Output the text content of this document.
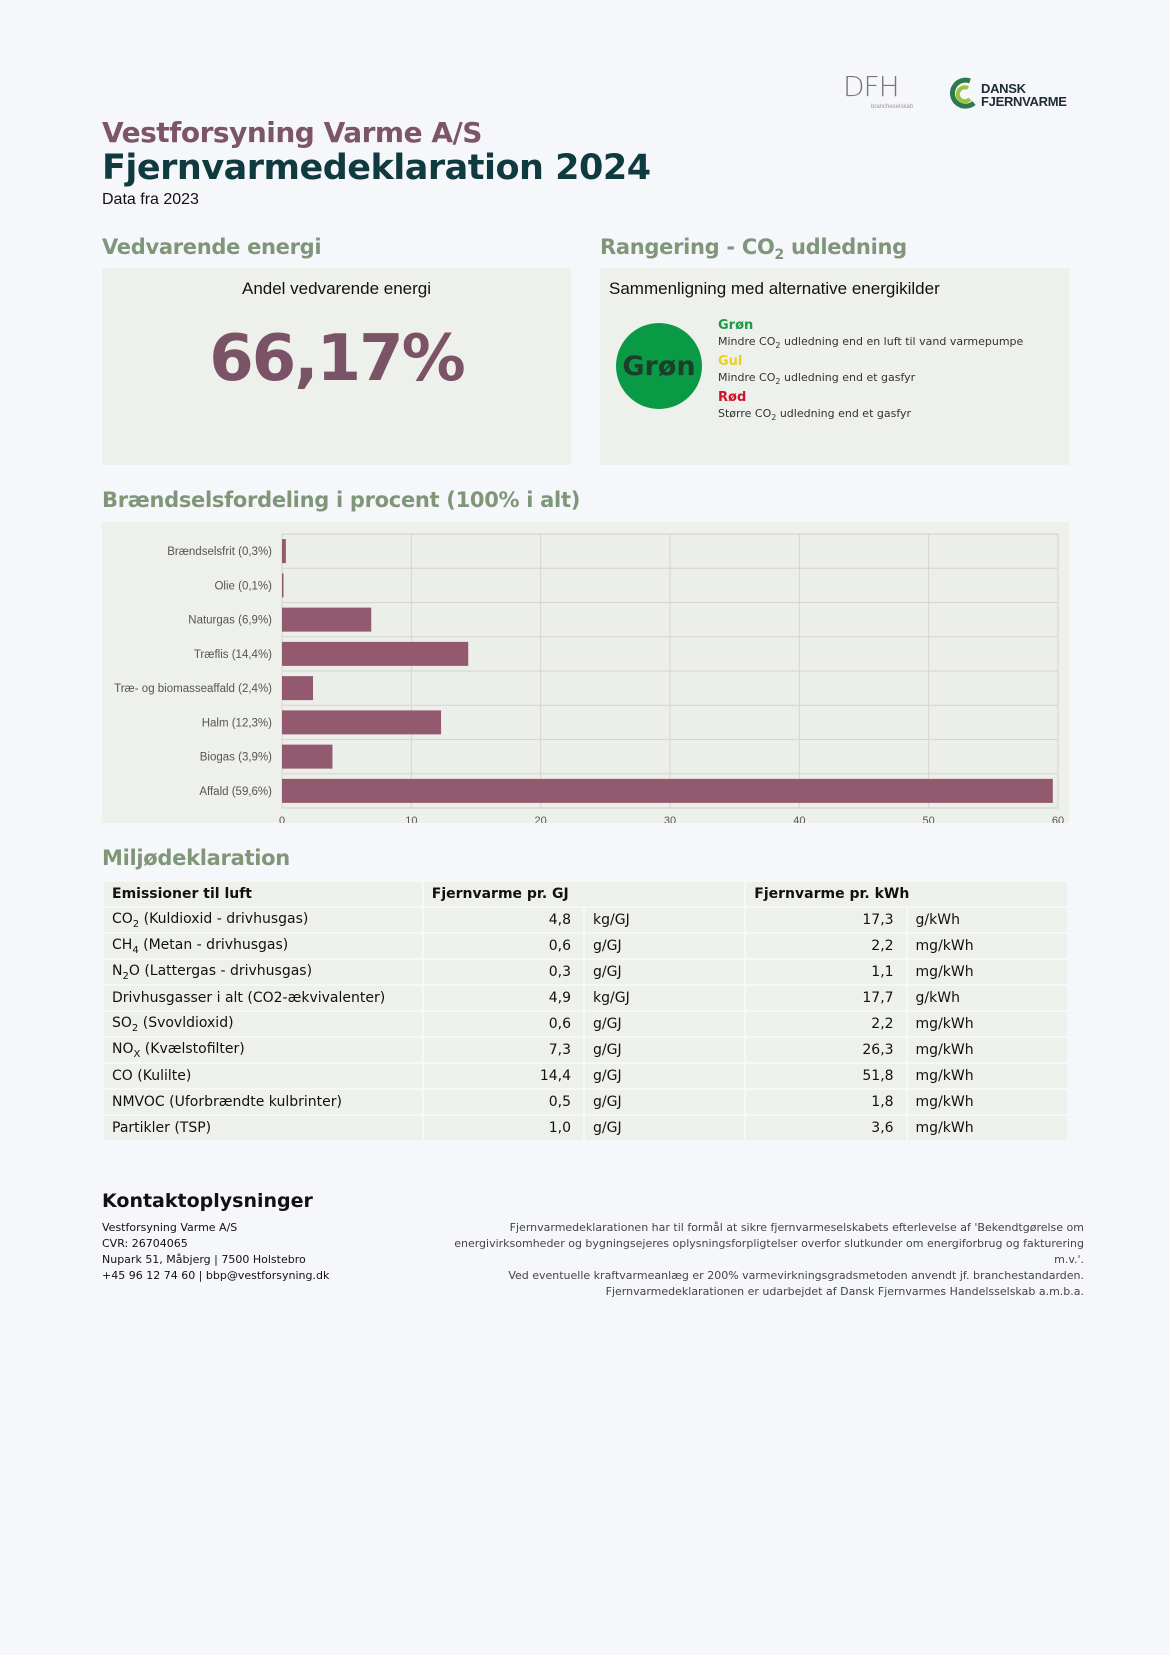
DFH
brancheselskab
DANSK
FJERNVARME
Vestforsyning Varme A/S
Fjernvarmedeklaration 2024
Data fra 2023
Vedvarende energi
Andel vedvarende energi
66,17%
Rangering - $CO_2$ udledning
Sammenligning med alternative energikilder
Grøn
Grøn
Mindre $CO_2$ udledning end en luft til vand varmepumpe
Gul
Mindre $CO_2$ udledning end et gasfyr
Rød
Større $CO_2$ udledning end et gasfyr
Brændselsfordeling i procent (100% i alt)
0	10	20	30	40	50	60
Brændselsfrit (0,3%)
Olie (0,1%)
Naturgas (6,9%)
Træflis (14,4%)
Træ- og biomasseaffald (2,4%)
Halm (12,3%)
Biogas (3,9%)
Affald (59,6%)
Miljødeklaration
Emissioner til luft	Fjernvarme pr. GJ		Fjernvarme pr. kWh	
$CO_2$ (Kuldioxid - drivhusgas)	4,8	kg/GJ	17,3	g/kWh
$CH_4$ (Metan - drivhusgas)	0,6	g/GJ	2,2	mg/kWh
$N_2O$ (Lattergas - drivhusgas)	0,3	g/GJ	1,1	mg/kWh
Drivhusgasser i alt (CO2-ækvivalenter)	4,9	kg/GJ	17,7	g/kWh
$SO_2$ (Svovldioxid)	0,6	g/GJ	2,2	mg/kWh
$NO_X$ (Kvælstofilter)	7,3	g/GJ	26,3	mg/kWh
CO (Kulilte)	14,4	g/GJ	51,8	mg/kWh
NMVOC (Uforbrændte kulbrinter)	0,5	g/GJ	1,8	mg/kWh
Partikler (TSP)	1,0	g/GJ	3,6	mg/kWh
Kontaktoplysninger
Vestforsyning Varme A/S
CVR: 26704065
Nupark 51, Måbjerg | 7500 Holstebro
+45 96 12 74 60 | bbp@vestforsyning.dk
Fjernvarmedeklarationen har til formål at sikre fjernvarmeselskabets efterlevelse af 'Bekendtgørelse om
energivirksomheder og bygningsejeres oplysningsforpligtelser overfor slutkunder om energiforbrug og fakturering m.v.'.
Ved eventuelle kraftvarmeanlæg er 200% varmevirkningsgradsmetoden anvendt jf. branchestandarden.
Fjernvarmedeklarationen er udarbejdet af Dansk Fjernvarmes Handelsselskab a.m.b.a.
